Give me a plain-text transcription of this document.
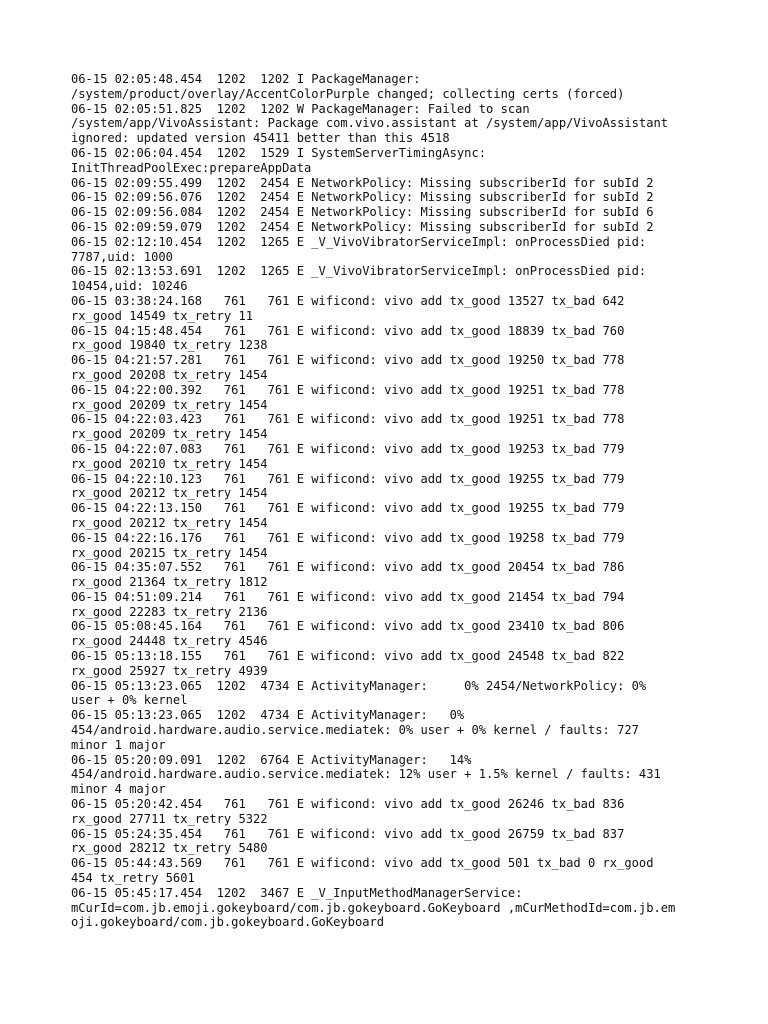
06-15 02:05:48.454  1202  1202 I PackageManager:
/system/product/overlay/AccentColorPurple changed; collecting certs (forced)
06-15 02:05:51.825  1202  1202 W PackageManager: Failed to scan
/system/app/VivoAssistant: Package com.vivo.assistant at /system/app/VivoAssistant
ignored: updated version 45411 better than this 4518
06-15 02:06:04.454  1202  1529 I SystemServerTimingAsync:
InitThreadPoolExec:prepareAppData
06-15 02:09:55.499  1202  2454 E NetworkPolicy: Missing subscriberId for subId 2
06-15 02:09:56.076  1202  2454 E NetworkPolicy: Missing subscriberId for subId 2
06-15 02:09:56.084  1202  2454 E NetworkPolicy: Missing subscriberId for subId 6
06-15 02:09:59.079  1202  2454 E NetworkPolicy: Missing subscriberId for subId 2
06-15 02:12:10.454  1202  1265 E _V_VivoVibratorServiceImpl: onProcessDied pid:
7787,uid: 1000
06-15 02:13:53.691  1202  1265 E _V_VivoVibratorServiceImpl: onProcessDied pid:
10454,uid: 10246
06-15 03:38:24.168   761   761 E wificond: vivo add tx_good 13527 tx_bad 642
rx_good 14549 tx_retry 11
06-15 04:15:48.454   761   761 E wificond: vivo add tx_good 18839 tx_bad 760
rx_good 19840 tx_retry 1238
06-15 04:21:57.281   761   761 E wificond: vivo add tx_good 19250 tx_bad 778
rx_good 20208 tx_retry 1454
06-15 04:22:00.392   761   761 E wificond: vivo add tx_good 19251 tx_bad 778
rx_good 20209 tx_retry 1454
06-15 04:22:03.423   761   761 E wificond: vivo add tx_good 19251 tx_bad 778
rx_good 20209 tx_retry 1454
06-15 04:22:07.083   761   761 E wificond: vivo add tx_good 19253 tx_bad 779
rx_good 20210 tx_retry 1454
06-15 04:22:10.123   761   761 E wificond: vivo add tx_good 19255 tx_bad 779
rx_good 20212 tx_retry 1454
06-15 04:22:13.150   761   761 E wificond: vivo add tx_good 19255 tx_bad 779
rx_good 20212 tx_retry 1454
06-15 04:22:16.176   761   761 E wificond: vivo add tx_good 19258 tx_bad 779
rx_good 20215 tx_retry 1454
06-15 04:35:07.552   761   761 E wificond: vivo add tx_good 20454 tx_bad 786
rx_good 21364 tx_retry 1812
06-15 04:51:09.214   761   761 E wificond: vivo add tx_good 21454 tx_bad 794
rx_good 22283 tx_retry 2136
06-15 05:08:45.164   761   761 E wificond: vivo add tx_good 23410 tx_bad 806
rx_good 24448 tx_retry 4546
06-15 05:13:18.155   761   761 E wificond: vivo add tx_good 24548 tx_bad 822
rx_good 25927 tx_retry 4939
06-15 05:13:23.065  1202  4734 E ActivityManager:     0% 2454/NetworkPolicy: 0%
user + 0% kernel
06-15 05:13:23.065  1202  4734 E ActivityManager:   0%
454/android.hardware.audio.service.mediatek: 0% user + 0% kernel / faults: 727
minor 1 major
06-15 05:20:09.091  1202  6764 E ActivityManager:   14%
454/android.hardware.audio.service.mediatek: 12% user + 1.5% kernel / faults: 431
minor 4 major
06-15 05:20:42.454   761   761 E wificond: vivo add tx_good 26246 tx_bad 836
rx_good 27711 tx_retry 5322
06-15 05:24:35.454   761   761 E wificond: vivo add tx_good 26759 tx_bad 837
rx_good 28212 tx_retry 5480
06-15 05:44:43.569   761   761 E wificond: vivo add tx_good 501 tx_bad 0 rx_good
454 tx_retry 5601
06-15 05:45:17.454  1202  3467 E _V_InputMethodManagerService:
mCurId=com.jb.emoji.gokeyboard/com.jb.gokeyboard.GoKeyboard ,mCurMethodId=com.jb.em
oji.gokeyboard/com.jb.gokeyboard.GoKeyboard
